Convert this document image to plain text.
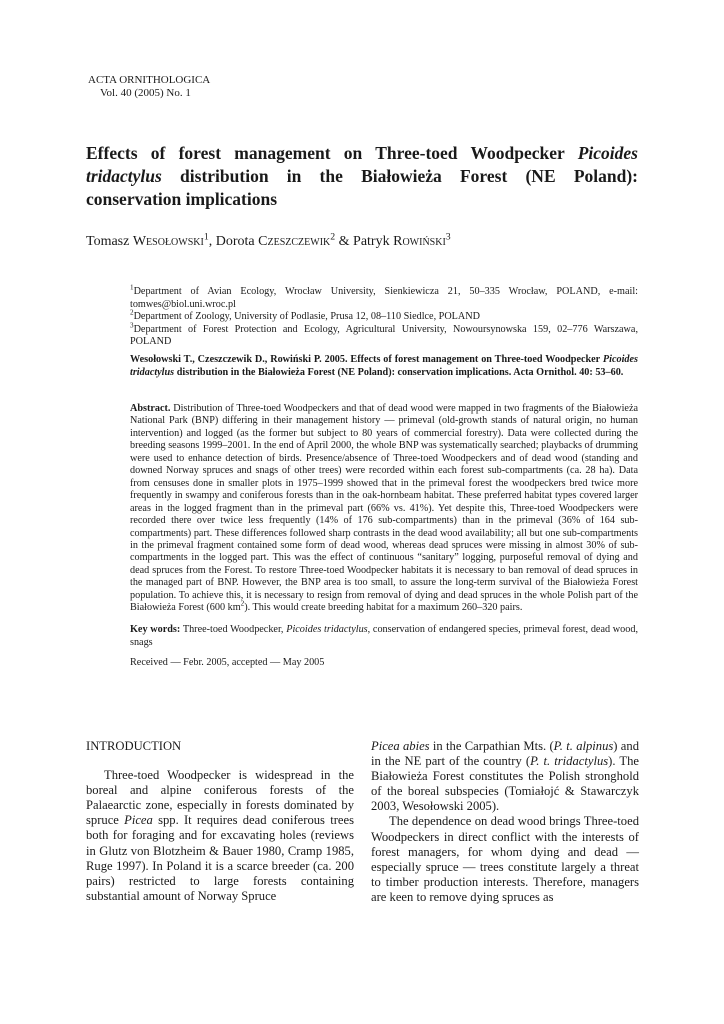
ACTA ORNITHOLOGICA
Vol. 40 (2005) No. 1
Effects of forest management on Three-toed Woodpecker Picoides
tridactylus distribution in the Białowieża Forest (NE Poland):
conservation implications
Tomasz Wesołowski$^1$, Dorota Czeszczewik$^2$ & Patryk Rowiński$^3$

$^1$Department of Avian Ecology, Wrocław University, Sienkiewicza 21, 50–335 Wrocław, POLAND, e-mail: tomwes@biol.uni.wroc.pl

$^2$Department of Zoology, University of Podlasie, Prusa 12, 08–110 Siedlce, POLAND

$^3$Department of Forest Protection and Ecology, Agricultural University, Nowoursynowska 159, 02–776 Warszawa, POLAND

Wesołowski T., Czeszczewik D., Rowiński P. 2005. Effects of forest management on Three-toed Woodpecker Picoides tridactylus distribution in the Białowieża Forest (NE Poland): conservation implications. Acta Ornithol. 40: 53–60.
Abstract. Distribution of Three-toed Woodpeckers and that of dead wood were mapped in two fragments of the Białowieża National Park (BNP) differing in their management history — primeval (old-growth stands of natural origin, no human intervention) and logged (as the former but subject to 80 years of commercial forestry). Data were collected during the breeding seasons 1999–2001. In the end of April 2000, the whole BNP was systematically searched; playbacks of drumming were used to enhance detection of birds. Presence/absence of Three-toed Woodpeckers and of dead wood (standing and downed Norway spruces and snags of other trees) were recorded within each forest sub-compartments (ca. 28 ha). Data from censuses done in smaller plots in 1975–1999 showed that in the primeval forest the woodpeckers bred twice more frequently in swampy and coniferous forests than in the oak-hornbeam habitat. These preferred habitat types covered larger areas in the logged fragment than in the primeval part (66% vs. 41%). Yet despite this, Three-toed Woodpeckers were recorded there over twice less frequently (14% of 176 sub-compartments) than in the primeval (36% of 164 sub-compartments) part. These differences followed sharp contrasts in the dead wood availability; all but one sub-compartments in the primeval fragment contained some form of dead wood, whereas dead spruces were missing in almost 30% of sub-compartments in the logged part. This was the effect of continuous “sanitary” logging, purposeful removal of dying and dead spruces from the Forest. To restore Three-toed Woodpecker habitats it is necessary to ban removal of dead spruces in the managed part of BNP. However, the BNP area is too small, to assure the long-term survival of the Białowieża Forest population. To achieve this, it is necessary to resign from removal of dying and dead spruces in the whole Polish part of the Białowieża Forest (600 $km^2$). This would create breeding habitat for a maximum 260–320 pairs.
Key words: Three-toed Woodpecker, Picoides tridactylus, conservation of endangered species, primeval forest, dead wood, snags
Received — Febr. 2005, accepted — May 2005
INTRODUCTION

Three-toed Woodpecker is widespread in the boreal and alpine coniferous forests of the Palaearctic zone, especially in forests dominated by spruce Picea spp. It requires dead coniferous trees both for foraging and for excavating holes (reviews in Glutz von Blotzheim & Bauer 1980, Cramp 1985, Ruge 1997). In Poland it is a scarce breeder (ca. 200 pairs) restricted to large forests containing substantial amount of Norway Spruce

Picea abies in the Carpathian Mts. (P. t. alpinus) and in the NE part of the country (P. t. tridactylus). The Białowieża Forest constitutes the Polish stronghold of the boreal subspecies (Tomiałojć & Stawarczyk 2003, Wesołowski 2005).

The dependence on dead wood brings Three-toed Woodpeckers in direct conflict with the interests of forest managers, for whom dying and dead — especially spruce — trees constitute largely a threat to timber production interests. Therefore, managers are keen to remove dying spruces as
